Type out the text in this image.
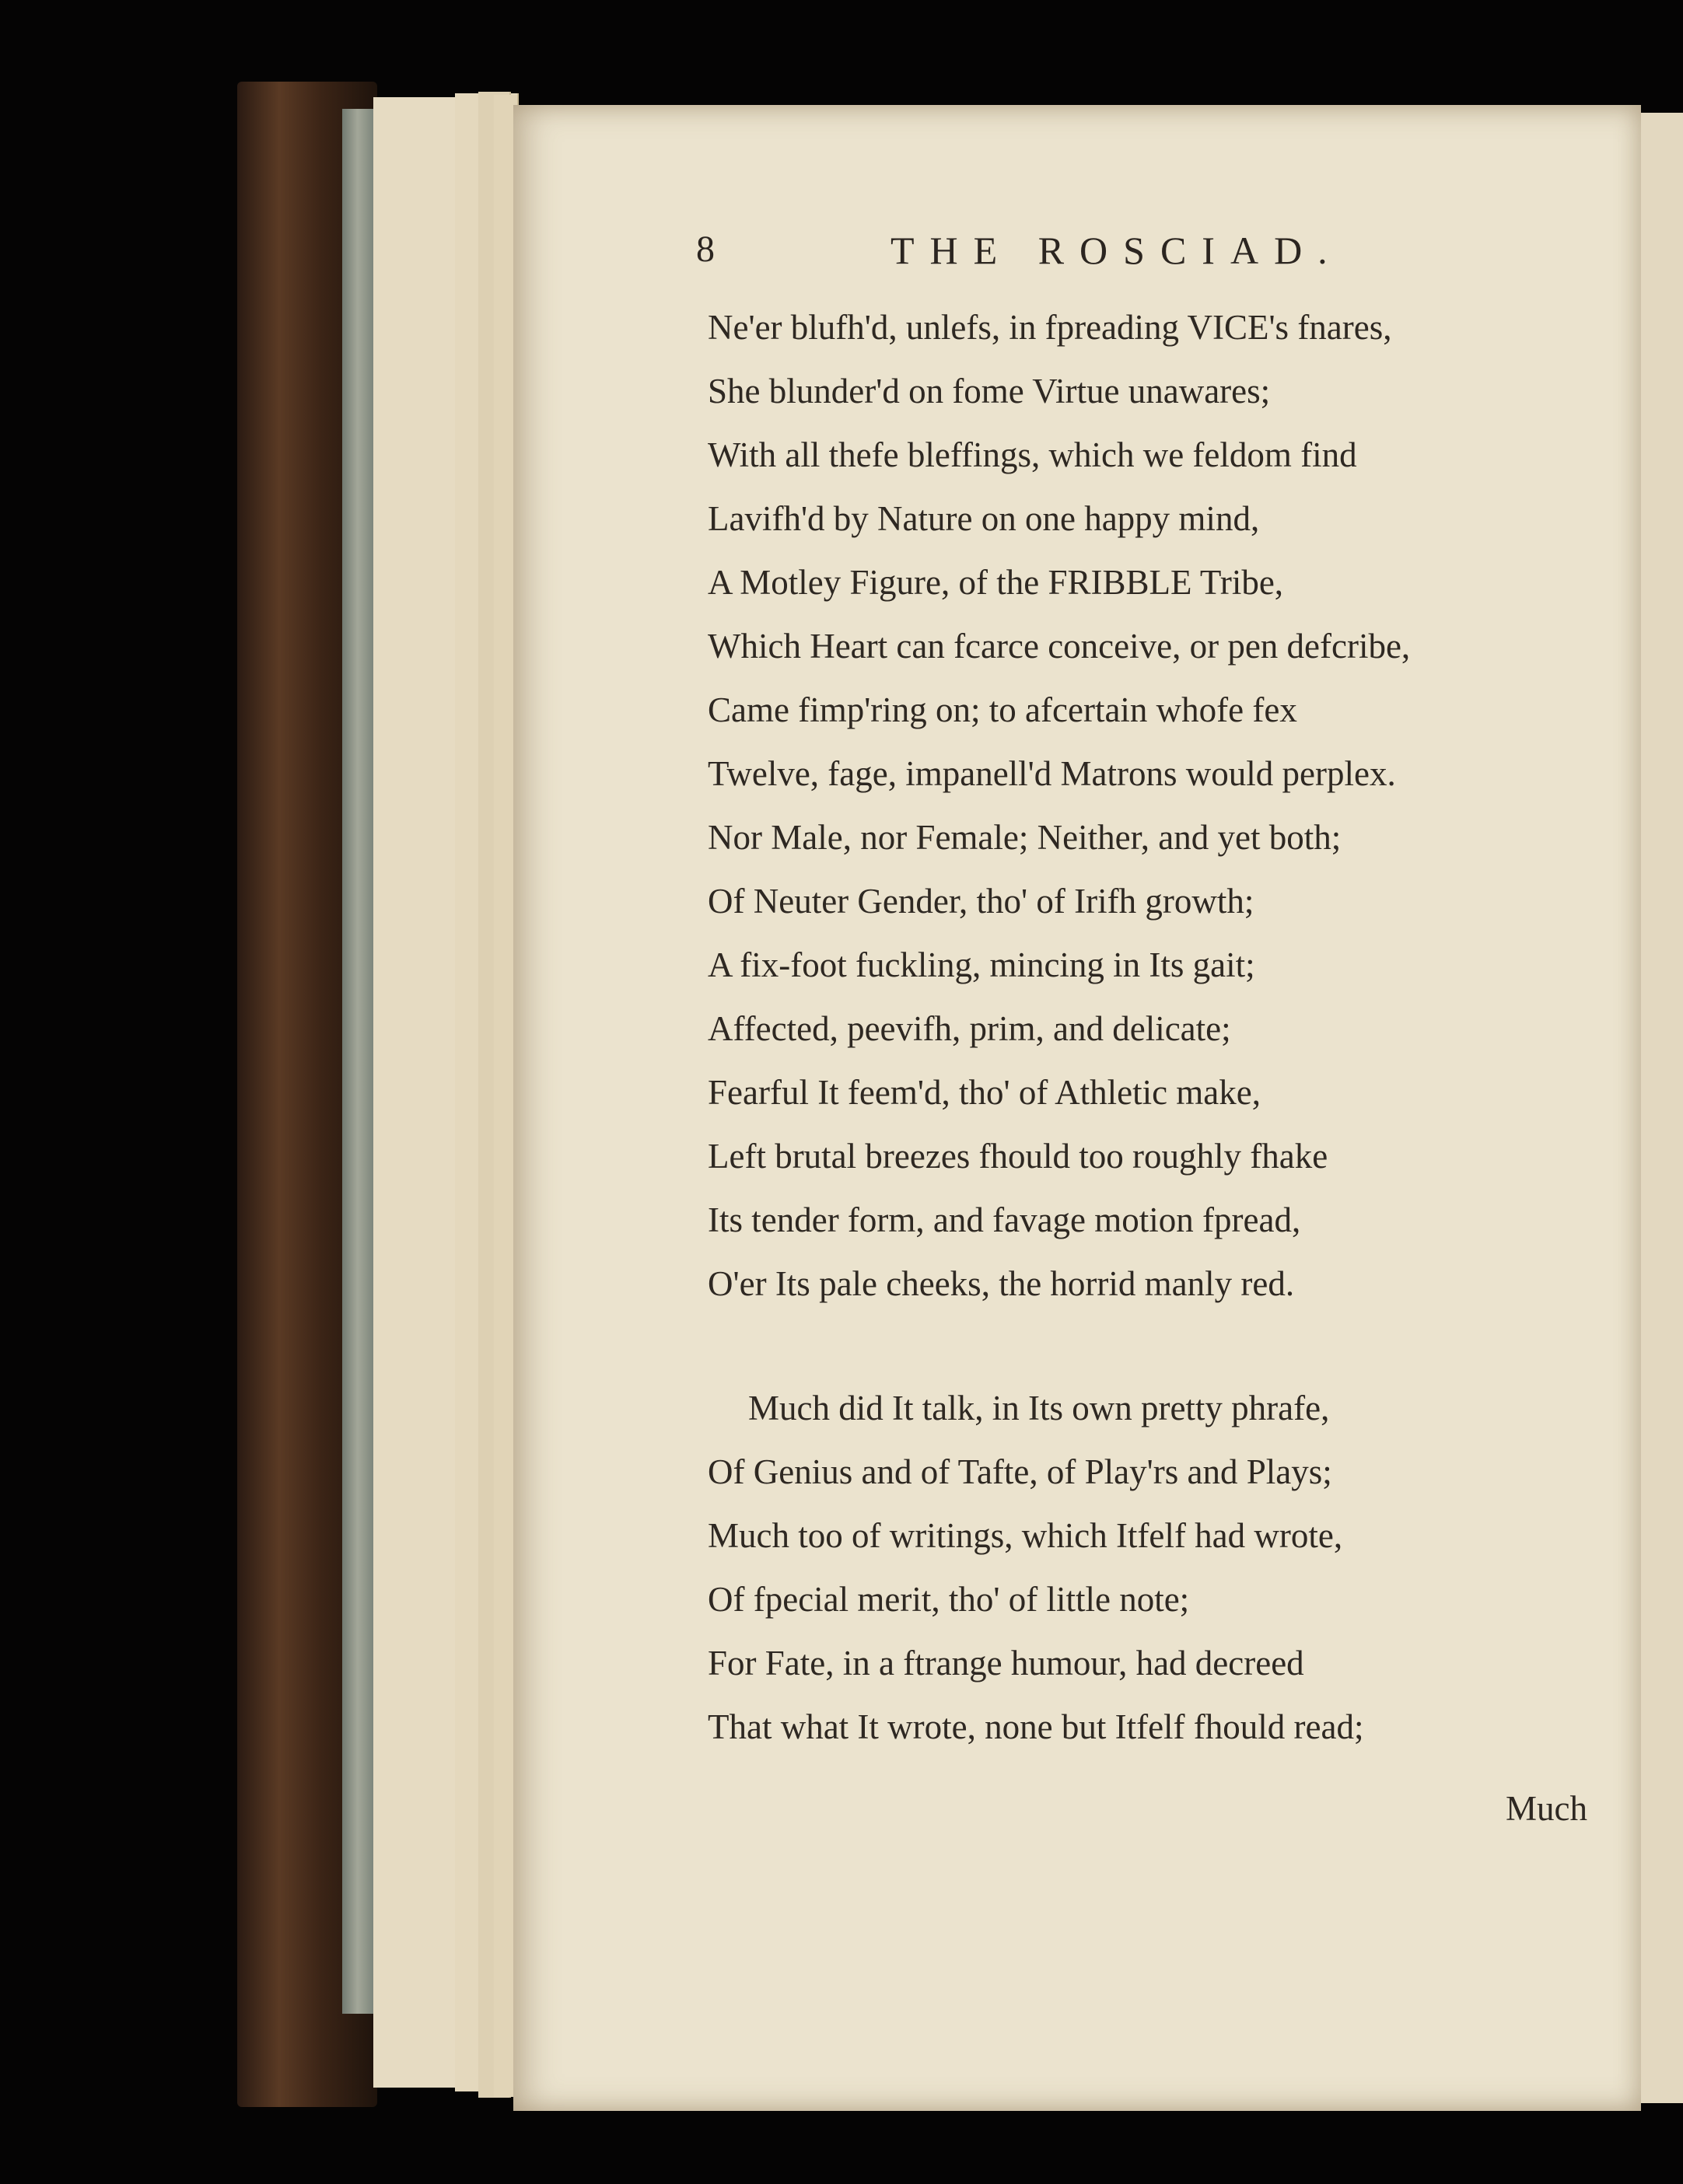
8	THE ROSCIAD.
Ne'er blufh'd, unlefs, in fpreading VICE's fnares,
She blunder'd on fome Virtue unawares;
With all thefe bleffings, which we feldom find
Lavifh'd by Nature on one happy mind,
A Motley Figure, of the FRIBBLE Tribe,
Which Heart can fcarce conceive, or pen defcribe,
Came fimp'ring on; to afcertain whofe fex
Twelve, fage, impanell'd Matrons would perplex.
Nor Male, nor Female; Neither, and yet both;
Of Neuter Gender, tho' of Irifh growth;
A fix-foot fuckling, mincing in Its gait;
Affected, peevifh, prim, and delicate;
Fearful It feem'd, tho' of Athletic make,
Left brutal breezes fhould too roughly fhake
Its tender form, and favage motion fpread,
O'er Its pale cheeks, the horrid manly red.
Much did It talk, in Its own pretty phrafe,
Of Genius and of Tafte, of Play'rs and Plays;
Much too of writings, which Itfelf had wrote,
Of fpecial merit, tho' of little note;
For Fate, in a ftrange humour, had decreed
That what It wrote, none but Itfelf fhould read;
Much
